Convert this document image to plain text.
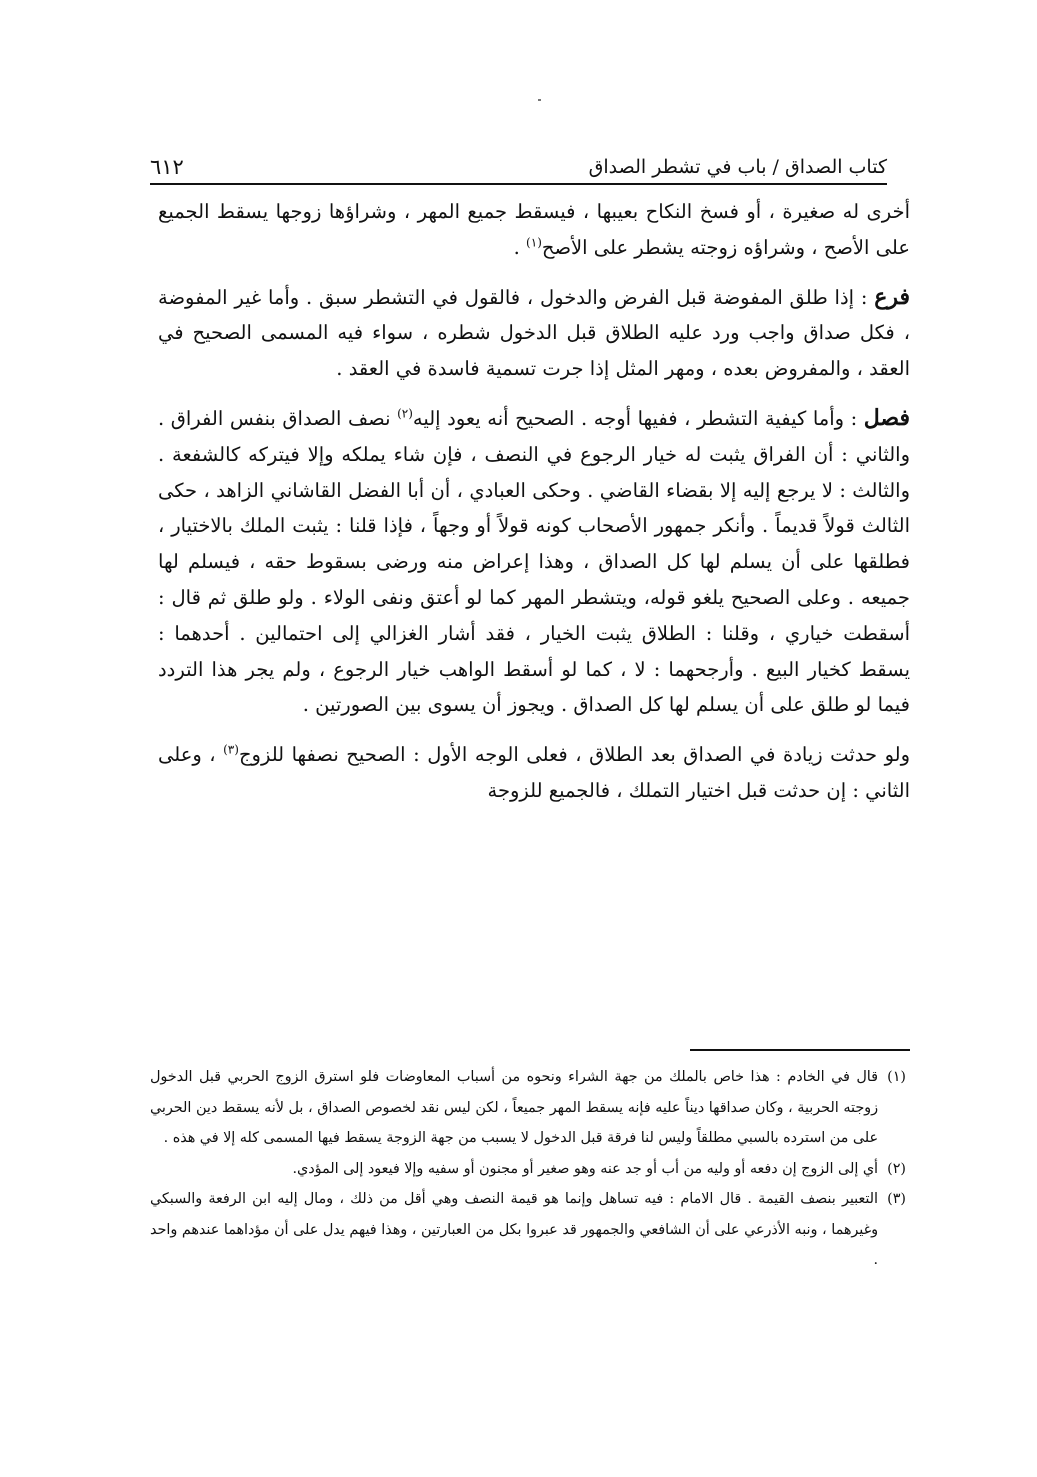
كتاب الصداق / باب في تشطر الصداق
٦١٢

أخرى له صغيرة ، أو فسخ النكاح بعيبها ، فيسقط جميع المهر ، وشراؤها زوجها يسقط الجميع على الأصح ، وشراؤه زوجته يشطر على الأصح$^{(١)}$ .

فرع : إذا طلق المفوضة قبل الفرض والدخول ، فالقول في التشطر سبق . وأما غير المفوضة ، فكل صداق واجب ورد عليه الطلاق قبل الدخول شطره ، سواء فيه المسمى الصحيح في العقد ، والمفروض بعده ، ومهر المثل إذا جرت تسمية فاسدة في العقد .

فصل : وأما كيفية التشطر ، ففيها أوجه . الصحيح أنه يعود إليه$^{(٢)}$ نصف الصداق بنفس الفراق . والثاني : أن الفراق يثبت له خيار الرجوع في النصف ، فإن شاء يملكه وإلا فيتركه كالشفعة . والثالث : لا يرجع إليه إلا بقضاء القاضي . وحكى العبادي ، أن أبا الفضل القاشاني الزاهد ، حكى الثالث قولاً قديماً . وأنكر جمهور الأصحاب كونه قولاً أو وجهاً ، فإذا قلنا : يثبت الملك بالاختيار ، فطلقها على أن يسلم لها كل الصداق ، وهذا إعراض منه ورضى بسقوط حقه ، فيسلم لها جميعه . وعلى الصحيح يلغو قوله، ويتشطر المهر كما لو أعتق ونفى الولاء . ولو طلق ثم قال : أسقطت خياري ، وقلنا : الطلاق يثبت الخيار ، فقد أشار الغزالي إلى احتمالين . أحدهما : يسقط كخيار البيع . وأرجحهما : لا ، كما لو أسقط الواهب خيار الرجوع ، ولم يجر هذا التردد فيما لو طلق على أن يسلم لها كل الصداق . ويجوز أن يسوى بين الصورتين .

ولو حدثت زيادة في الصداق بعد الطلاق ، فعلى الوجه الأول : الصحيح نصفها للزوج$^{(٣)}$ ، وعلى الثاني : إن حدثت قبل اختيار التملك ، فالجميع للزوجة

(١)
قال في الخادم : هذا خاص بالملك من جهة الشراء ونحوه من أسباب المعاوضات فلو استرق الزوج الحربي قبل الدخول زوجته الحربية ، وكان صداقها ديناً عليه فإنه يسقط المهر جميعاً ، لكن ليس نقد لخصوص الصداق ، بل لأنه يسقط دين الحربي على من استرده بالسبي مطلقاً وليس لنا فرقة قبل الدخول لا يسبب من جهة الزوجة يسقط فيها المسمى كله إلا في هذه .
(٢)
أي إلى الزوج إن دفعه أو وليه من أب أو جد عنه وهو صغير أو مجنون أو سفيه وإلا فيعود إلى المؤدي.
(٣)
التعبير بنصف القيمة . قال الامام : فيه تساهل وإنما هو قيمة النصف وهي أقل من ذلك ، ومال إليه ابن الرفعة والسبكي وغيرهما ، ونبه الأذرعي على أن الشافعي والجمهور قد عبروا بكل من العبارتين ، وهذا فيهم يدل على أن مؤداهما عندهم واحد .
